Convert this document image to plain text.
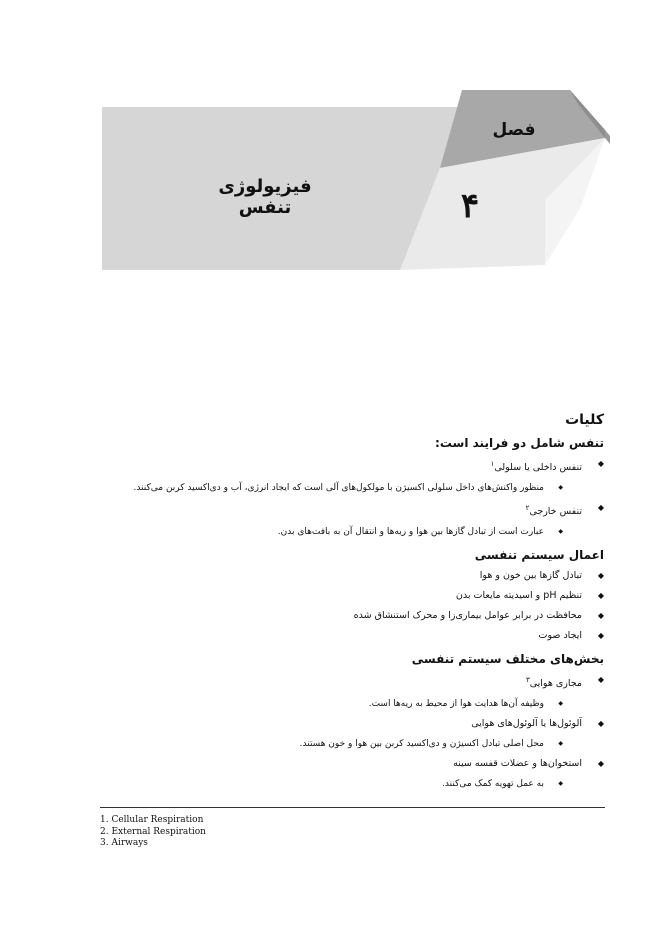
فصل
۴
فیزیولوژی تنفس
کلیات
تنفس شامل دو فرایند است:
◆ تنفس داخلی یا سلولی$^۱$
◆ منظور واکنش‌های داخل سلولی اکسیژن با مولکول‌های آلی است که ایجاد انرژی، آب و دی‌اکسید کربن می‌کنند.
◆ تنفس خارجی$^۲$
◆ عبارت است از تبادل گازها بین هوا و ریه‌ها و انتقال آن به بافت‌های بدن.
اعمال سیستم تنفسی
◆ تبادل گازها بین خون و هوا
◆ تنظیم pH و اسیدیته مایعات بدن
◆ محافظت در برابر عوامل بیماری‌زا و محرک استنشاق شده
◆ ایجاد صوت
بخش‌های مختلف سیستم تنفسی
◆ مجاری هوایی$^۳$
◆ وظیفه آن‌ها هدایت هوا از محیط به ریه‌ها است.
◆ آلوئول‌ها یا آلوئول‌های هوایی
◆ محل اصلی تبادل اکسیژن و دی‌اکسید کربن بین هوا و خون هستند.
◆ استخوان‌ها و عضلات قفسه سینه
◆ به عمل تهویه کمک می‌کنند.
1. Cellular Respiration
2. External Respiration
3. Airways
